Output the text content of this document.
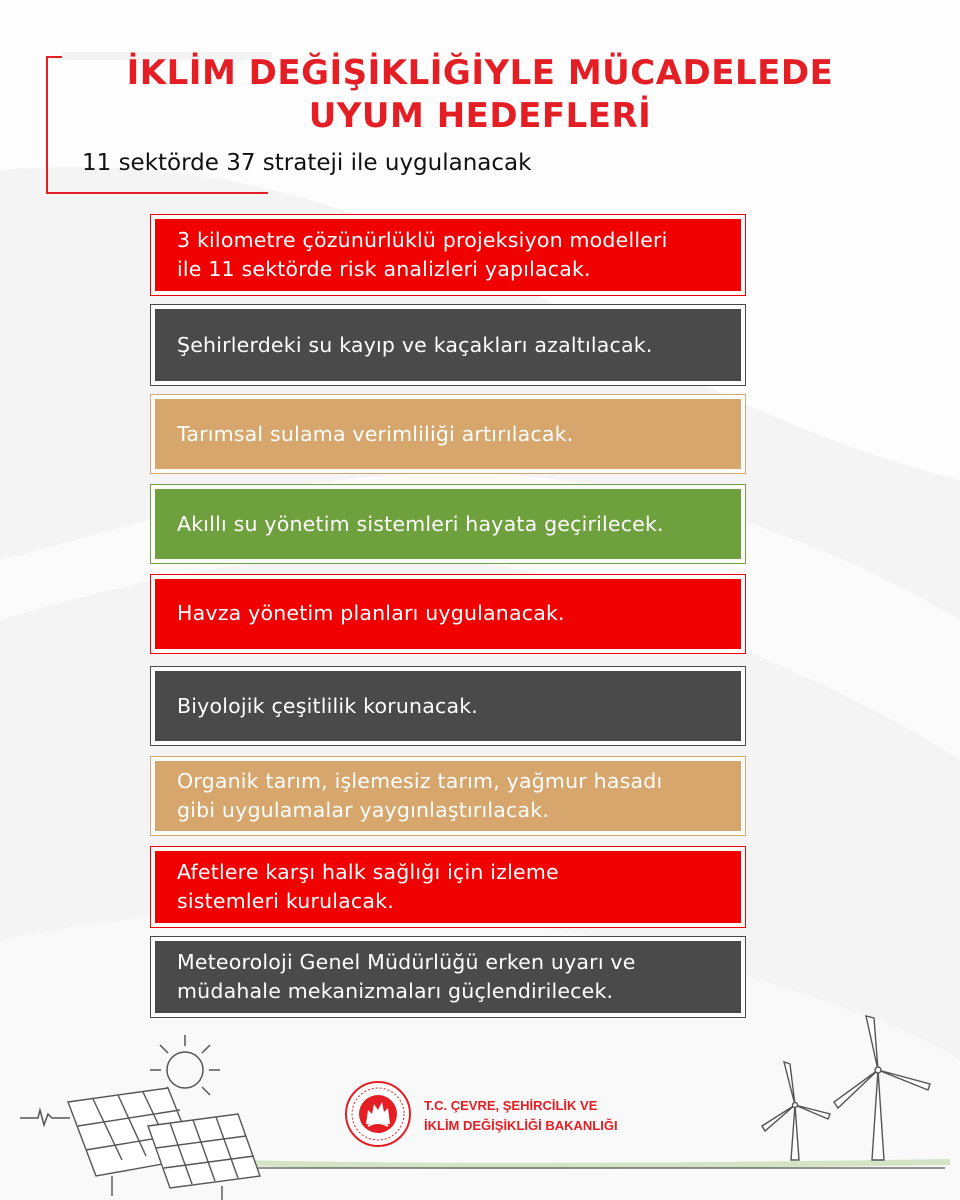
İKLİM DEĞİŞİKLİĞİYLE MÜCADELEDE
UYUM HEDEFLERİ
11 sektörde 37 strateji ile uygulanacak
3 kilometre çözünürlüklü projeksiyon modelleri
ile 11 sektörde risk analizleri yapılacak.
Şehirlerdeki su kayıp ve kaçakları azaltılacak.
Tarımsal sulama verimliliği artırılacak.
Akıllı su yönetim sistemleri hayata geçirilecek.
Havza yönetim planları uygulanacak.
Biyolojik çeşitlilik korunacak.
Organik tarım, işlemesiz tarım, yağmur hasadı
gibi uygulamalar yaygınlaştırılacak.
Afetlere karşı halk sağlığı için izleme
sistemleri kurulacak.
Meteoroloji Genel Müdürlüğü erken uyarı ve
müdahale mekanizmaları güçlendirilecek.
T.C. ÇEVRE, ŞEHİRCİLİK VE
İKLİM DEĞİŞİKLİĞİ BAKANLIĞI
